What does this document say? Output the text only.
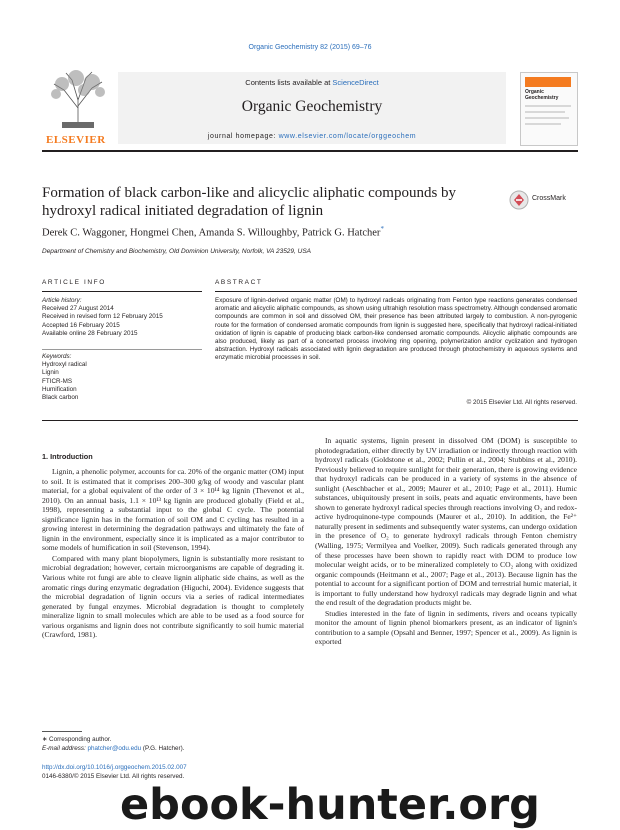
Organic Geochemistry 82 (2015) 69–76
ELSEVIER
Contents lists available at ScienceDirect
Organic Geochemistry
journal homepage: www.elsevier.com/locate/orggeochem
Organic Geochemistry
Formation of black carbon-like and alicyclic aliphatic compounds by hydroxyl radical initiated degradation of lignin
CrossMark
Derek C. Waggoner, Hongmei Chen, Amanda S. Willoughby, Patrick G. Hatcher*
Department of Chemistry and Biochemistry, Old Dominion University, Norfolk, VA 23529, USA
ARTICLE INFO	ABSTRACT
Article history:
Received 27 August 2014
Received in revised form 12 February 2015
Accepted 16 February 2015
Available online 28 February 2015
Keywords:
Hydroxyl radical
Lignin
FTICR-MS
Humification
Black carbon
Exposure of lignin-derived organic matter (OM) to hydroxyl radicals originating from Fenton type reactions generates condensed aromatic and alicyclic aliphatic compounds, as shown using ultrahigh resolution mass spectrometry. Although condensed aromatic compounds are common in soil and dissolved OM, their presence has been attributed largely to combustion. A non-pyrogenic route for the formation of condensed aromatic compounds from lignin is suggested here, specifically that hydroxyl radical-initiated oxidation of lignin is capable of producing black carbon-like condensed aromatic compounds. Alicyclic aliphatic compounds are also produced, likely as part of a concerted process involving ring opening, polymerization and/or cyclization and hydrogen abstraction. Hydroxyl radicals associated with lignin degradation are produced through photochemistry in aqueous systems and enzymatic microbial processes in soil.
© 2015 Elsevier Ltd. All rights reserved.
1. Introduction

Lignin, a phenolic polymer, accounts for ca. 20% of the organic matter (OM) input to soil. It is estimated that it comprises 200–300 g/kg of woody and vascular plant material, for a global equivalent of the order of 3 × 10¹⁴ kg lignin (Thevenot et al., 2010). On an annual basis, 1.1 × 10¹³ kg lignin are produced globally (Field et al., 1998), representing a substantial input to the global C cycle. The potential significance lignin has in the formation of soil OM and C cycling has resulted in a growing interest in determining the degradation pathways and ultimately the fate of lignin in the environment, especially since it is implicated as a major contributor to some models of humification in soil (Stevenson, 1994).

Compared with many plant biopolymers, lignin is substantially more resistant to microbial degradation; however, certain microorganisms are capable of degrading it. Various white rot fungi are able to cleave lignin aliphatic side chains, as well as the aromatic rings during enzymatic degradation (Higuchi, 2004). Evidence suggests that the microbial degradation of lignin occurs via a series of radical intermediates generated by fungal enzymes. Microbial degradation is thought to completely mineralize lignin to small molecules which are able to be used as a food source for various organisms and lignin does not contribute significantly to soil humic material (Crawford, 1981).

In aquatic systems, lignin present in dissolved OM (DOM) is susceptible to photodegradation, either directly by UV irradiation or indirectly through reaction with hydroxyl radicals (Goldstone et al., 2002; Pullin et al., 2004; Stubbins et al., 2010). Previously believed to require sunlight for their generation, there is growing evidence that hydroxyl radicals can be produced in a variety of systems in the absence of sunlight (Aeschbacher et al., 2009; Maurer et al., 2010; Page et al., 2011). Humic substances, ubiquitously present in soils, peats and aquatic environments, have been shown to generate hydroxyl radical species through reactions involving O₂ and redox-active hydroquinone-type compounds (Maurer et al., 2010). In addition, the Fe²⁺ naturally present in sediments and subsequently water systems, can undergo oxidation in the presence of O₂ to generate hydroxyl radicals through Fenton chemistry (Walling, 1975; Vermilyea and Voelker, 2009). Such radicals generated through any of these processes have been shown to rapidly react with DOM to produce low molecular weight acids, or to be mineralized completely to CO₂ along with oxidized organic compounds (Heitmann et al., 2007; Page et al., 2013). Because lignin has the potential to account for a significant portion of DOM and terrestrial humic material, it is important to fully understand how hydroxyl radicals may degrade lignin and what the end result of the degradation products might be.

Studies interested in the fate of lignin in sediments, rivers and oceans typically monitor the amount of lignin phenol biomarkers present, as an indicator of lignin's contribution to a sample (Opsahl and Benner, 1997; Spencer et al., 2009). As lignin is exported

∗ Corresponding author.
E-mail address: phatcher@odu.edu (P.G. Hatcher).
http://dx.doi.org/10.1016/j.orggeochem.2015.02.007
0146-6380/© 2015 Elsevier Ltd. All rights reserved.
ebook-hunter.org
